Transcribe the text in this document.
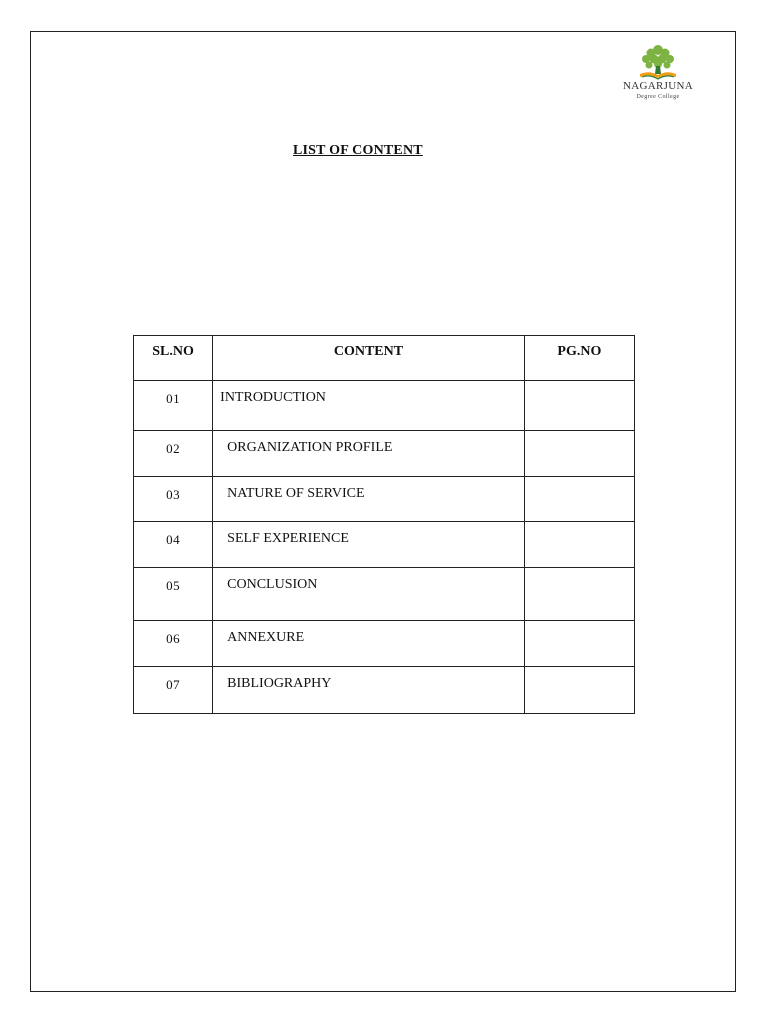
NAGARJUNA
Degree College
LIST OF CONTENT
SL.NO	CONTENT	PG.NO
01	INTRODUCTION	
02	ORGANIZATION PROFILE	
03	NATURE OF SERVICE	
04	SELF EXPERIENCE	
05	CONCLUSION	
06	ANNEXURE	
07	BIBLIOGRAPHY	
